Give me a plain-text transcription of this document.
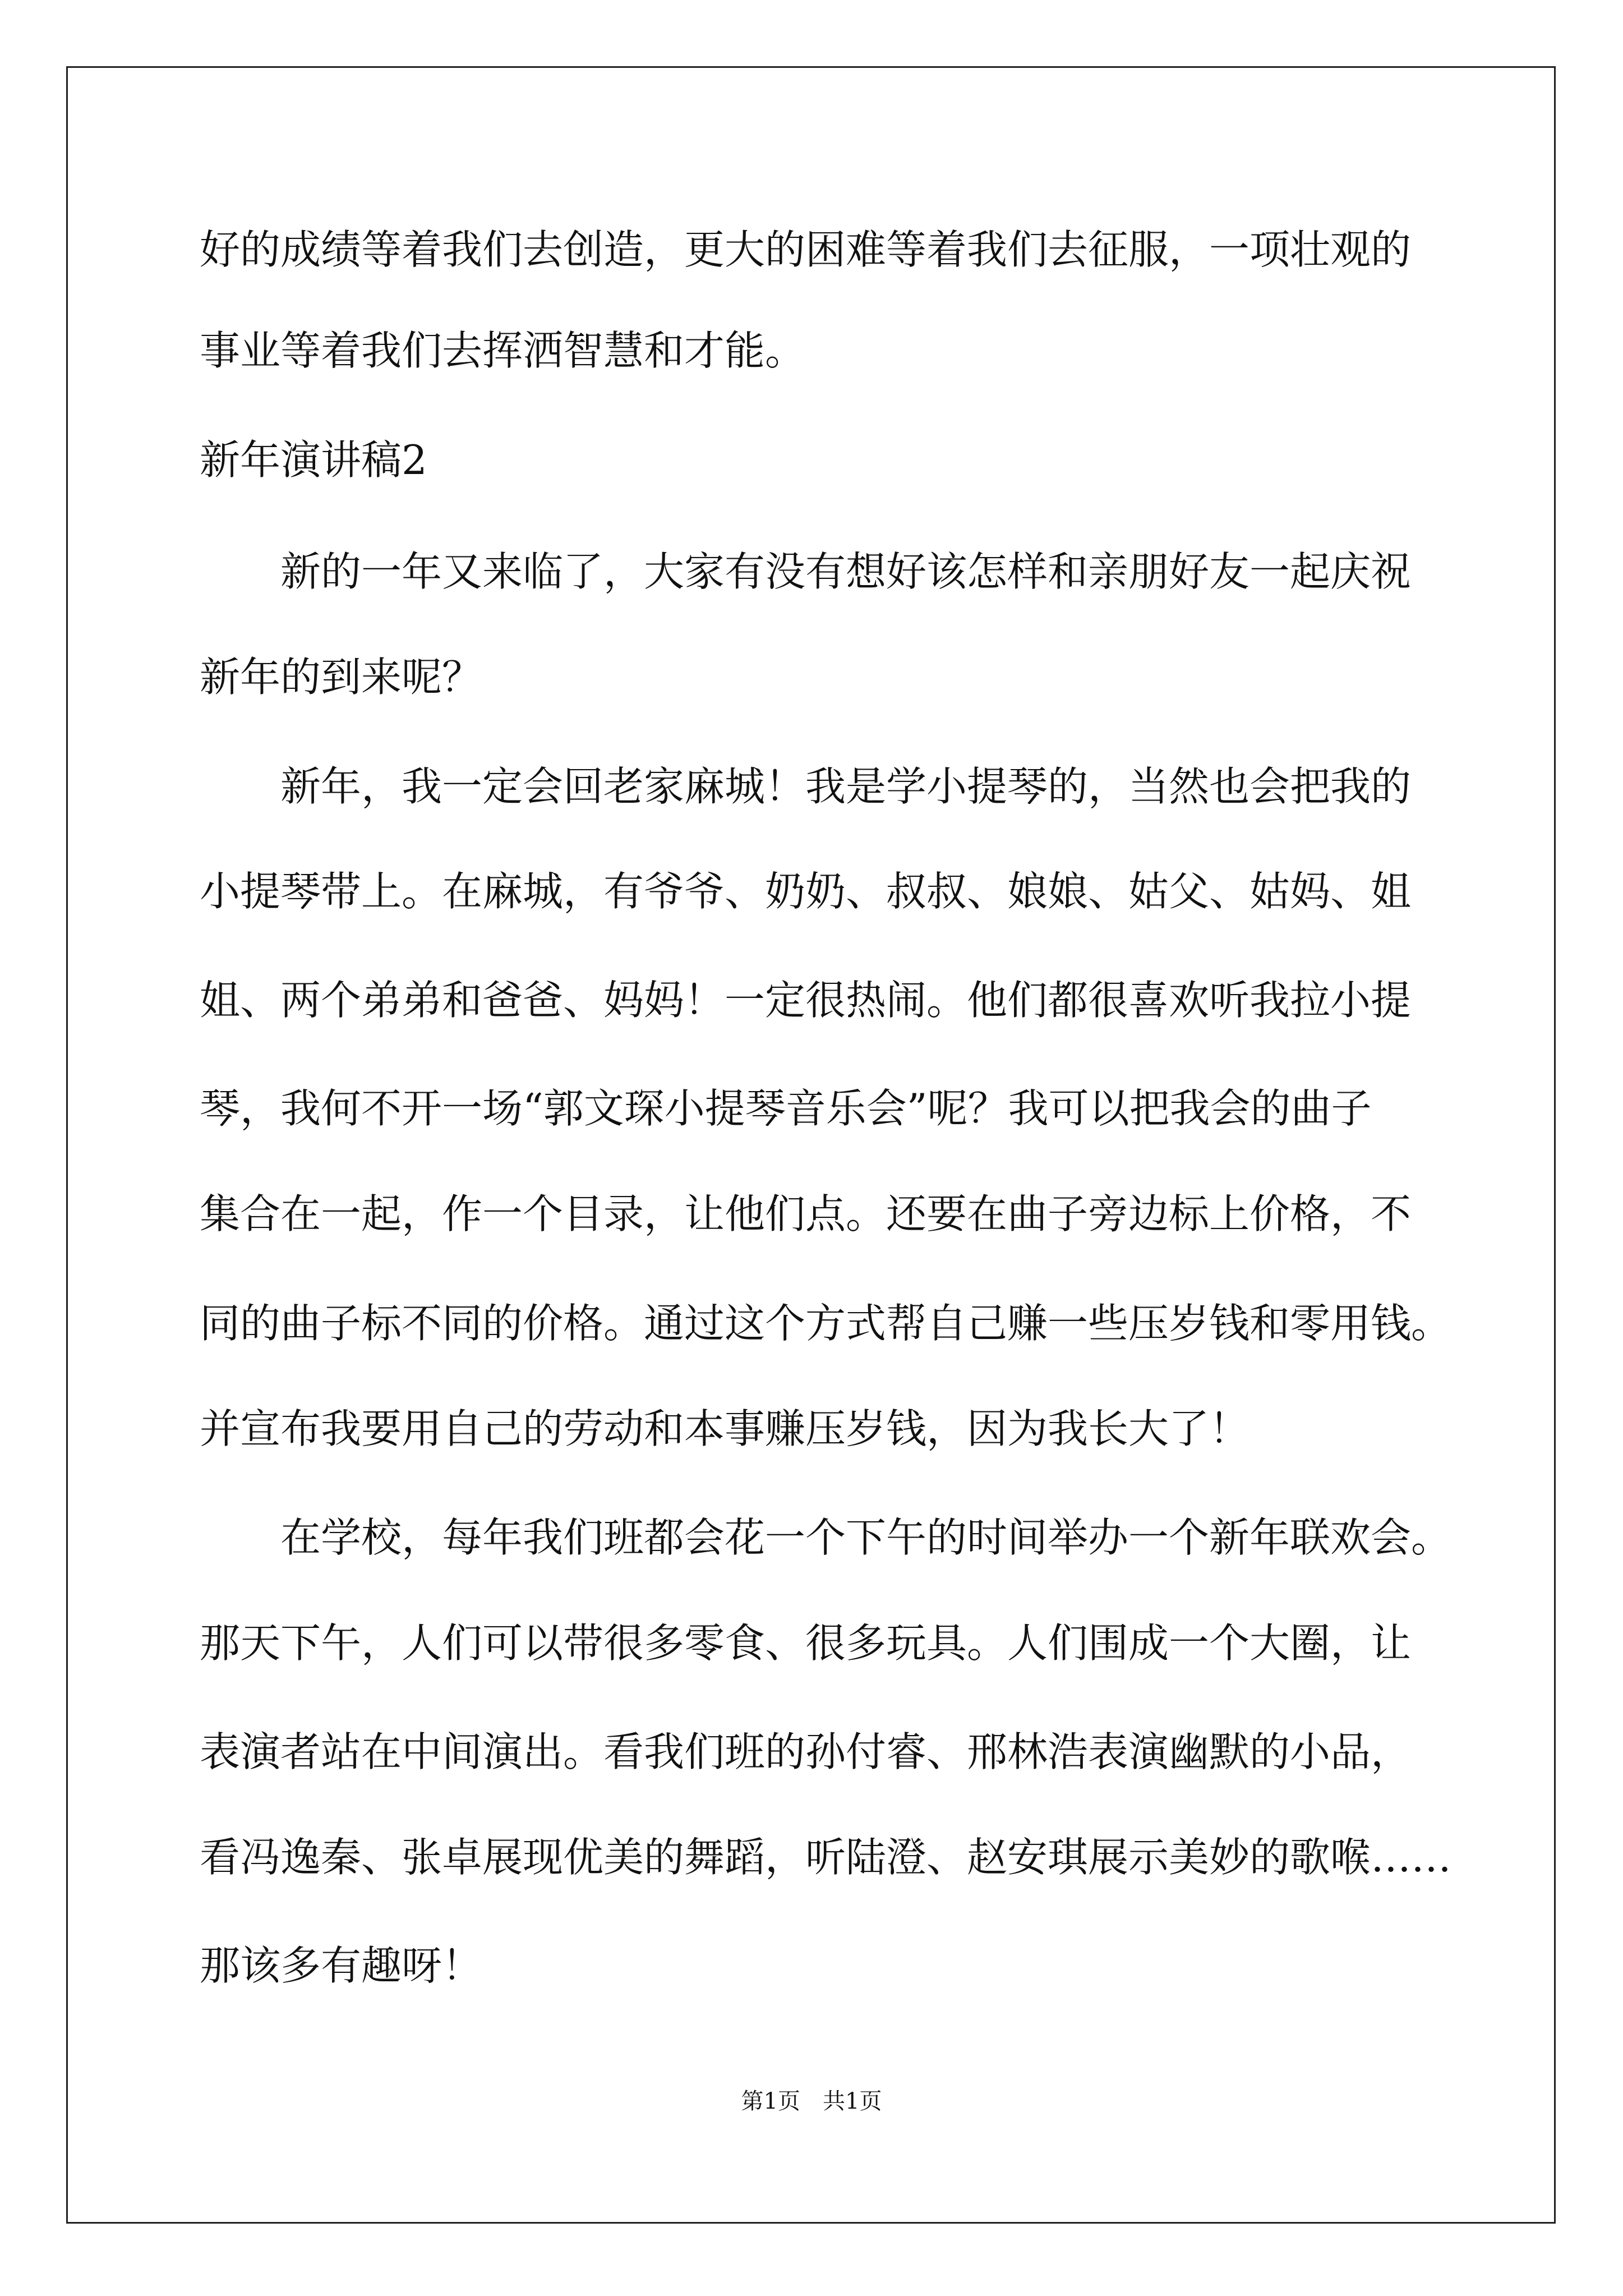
好的成绩等着我们去创造，更大的困难等着我们去征服，一项壮观的

事业等着我们去挥洒智慧和才能。

新年演讲稿2

新的一年又来临了，大家有没有想好该怎样和亲朋好友一起庆祝

新年的到来呢？

新年，我一定会回老家麻城！我是学小提琴的，当然也会把我的

小提琴带上。在麻城，有爷爷、奶奶、叔叔、娘娘、姑父、姑妈、姐

姐、两个弟弟和爸爸、妈妈！一定很热闹。他们都很喜欢听我拉小提

琴，我何不开一场“郭文琛小提琴音乐会”呢？我可以把我会的曲子

集合在一起，作一个目录，让他们点。还要在曲子旁边标上价格，不

同的曲子标不同的价格。通过这个方式帮自己赚一些压岁钱和零用钱。

并宣布我要用自己的劳动和本事赚压岁钱，因为我长大了！

在学校，每年我们班都会花一个下午的时间举办一个新年联欢会。

那天下午，人们可以带很多零食、很多玩具。人们围成一个大圈，让

表演者站在中间演出。看我们班的孙付睿、邢林浩表演幽默的小品，

看冯逸秦、张卓展现优美的舞蹈，听陆澄、赵安琪展示美妙的歌喉……

那该多有趣呀！

第1页　共1页
